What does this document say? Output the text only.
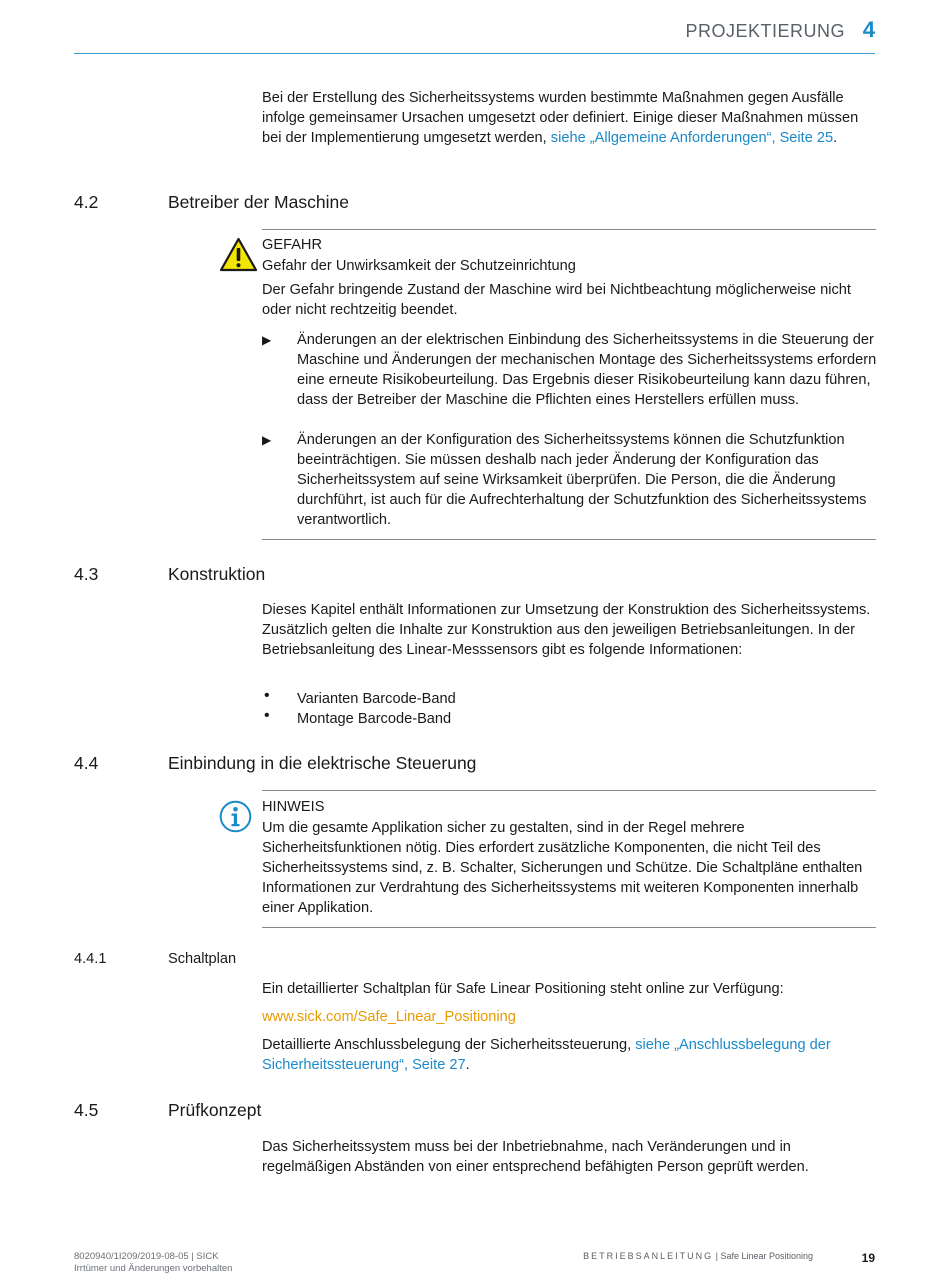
PROJEKTIERUNG 4

Bei der Erstellung des Sicherheitssystems wurden bestimmte Maßnahmen gegen Ausfälle infolge gemeinsamer Ursachen umgesetzt oder definiert. Einige dieser Maßnahmen müssen bei der Implementierung umgesetzt werden, siehe „Allgemeine Anforderungen“, Seite 25.

4.2	Betreiber der Maschine
GEFAHR
Gefahr der Unwirksamkeit der Schutzeinrichtung

Der Gefahr bringende Zustand der Maschine wird bei Nichtbeachtung möglicherweise nicht oder nicht rechtzeitig beendet.

▶ Änderungen an der elektrischen Einbindung des Sicherheitssystems in die Steuerung der Maschine und Änderungen der mechanischen Montage des Sicherheitssystems erfordern eine erneute Risikobeurteilung. Das Ergebnis dieser Risikobeurteilung kann dazu führen, dass der Betreiber der Maschine die Pflichten eines Herstellers erfüllen muss.

▶ Änderungen an der Konfiguration des Sicherheitssystems können die Schutzfunktion beeinträchtigen. Sie müssen deshalb nach jeder Änderung der Konfiguration das Sicherheitssystem auf seine Wirksamkeit überprüfen. Die Person, die die Änderung durchführt, ist auch für die Aufrechterhaltung der Schutzfunktion des Sicherheitssystems verantwortlich.

4.3	Konstruktion

Dieses Kapitel enthält Informationen zur Umsetzung der Konstruktion des Sicherheitssystems. Zusätzlich gelten die Inhalte zur Konstruktion aus den jeweiligen Betriebsanleitungen. In der Betriebsanleitung des Linear-Messsensors gibt es folgende Informationen:

• Varianten Barcode-Band

• Montage Barcode-Band

4.4	Einbindung in die elektrische Steuerung
HINWEIS

Um die gesamte Applikation sicher zu gestalten, sind in der Regel mehrere Sicherheitsfunktionen nötig. Dies erfordert zusätzliche Komponenten, die nicht Teil des Sicherheitssystems sind, z. B. Schalter, Sicherungen und Schütze. Die Schaltpläne enthalten Informationen zur Verdrahtung des Sicherheitssystems mit weiteren Komponenten innerhalb einer Applikation.

4.4.1	Schaltplan

Ein detaillierter Schaltplan für Safe Linear Positioning steht online zur Verfügung:

www.sick.com/Safe_Linear_Positioning

Detaillierte Anschlussbelegung der Sicherheitssteuerung, siehe „Anschlussbelegung der Sicherheitssteuerung“, Seite 27.

4.5	Prüfkonzept

Das Sicherheitssystem muss bei der Inbetriebnahme, nach Veränderungen und in regelmäßigen Abständen von einer entsprechend befähigten Person geprüft werden.

8020940/1I209/2019-08-05 | SICK
Irrtümer und Änderungen vorbehalten
BETRIEBSANLEITUNG | Safe Linear Positioning	19
